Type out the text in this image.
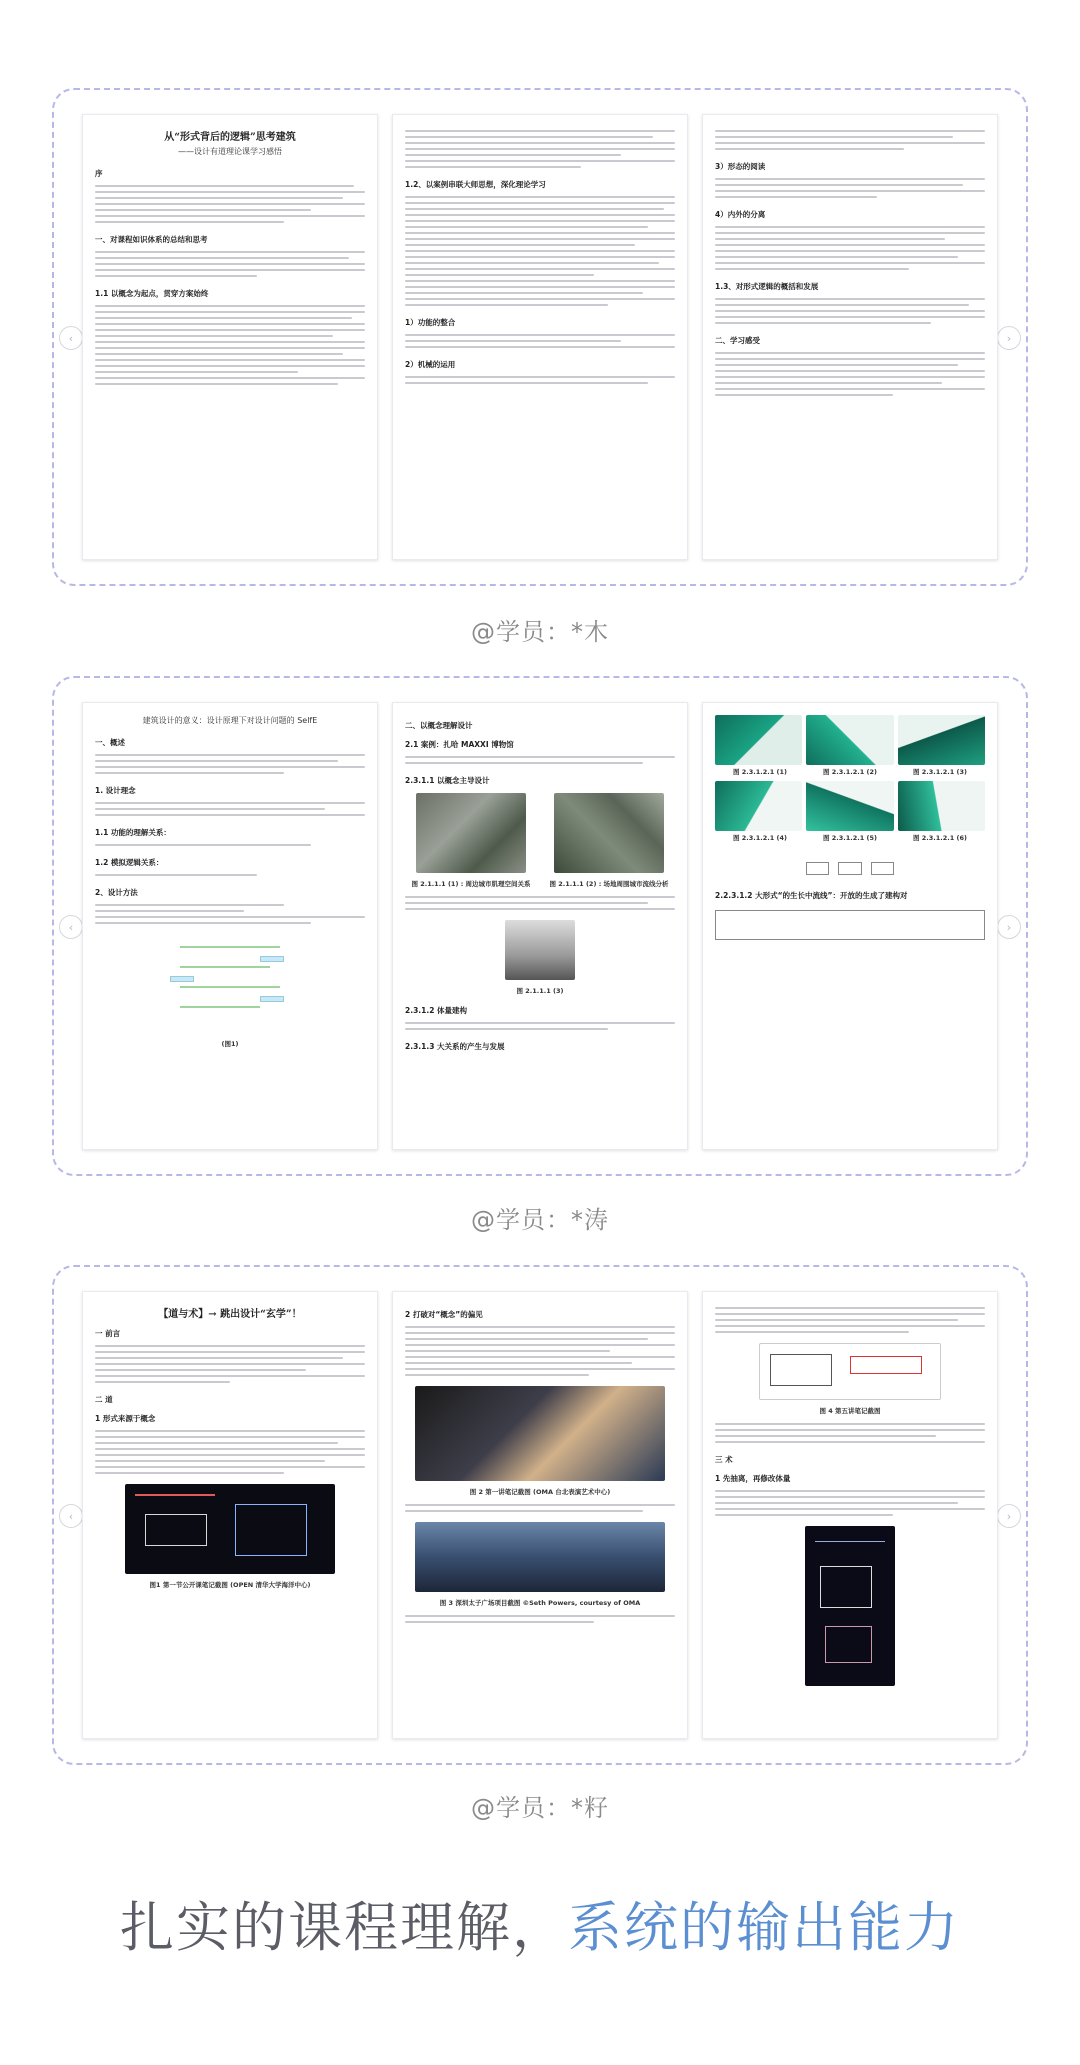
‹	›
从“形式背后的逻辑”思考建筑
——设计有道理论课学习感悟
序
一、对课程如识体系的总结和思考
1.1 以概念为起点，贯穿方案始终
1.2、以案例串联大师思想，深化理论学习
1）功能的整合
2）机械的运用
3）形态的阅读
4）内外的分离
1.3、对形式逻辑的概括和发展
二、学习感受
@学员：*木
‹	›
建筑设计的意义：设计原理下对设计问题的 SelfE
一、概述
1. 设计理念
1.1 功能的理解关系：
1.2 模拟逻辑关系：
2、设计方法
(图1)
二、以概念理解设计
2.1 案例：扎哈 MAXXI 博物馆
2.3.1.1 以概念主导设计
图 2.1.1.1 (1) : 周边城市肌理空间关系	图 2.1.1.1 (2) : 场地周围城市流线分析
图 2.1.1.1 (3)
2.3.1.2 体量建构
2.3.1.3 大关系的产生与发展
图 2.3.1.2.1 (1)	图 2.3.1.2.1 (2)	图 2.3.1.2.1 (3)
图 2.3.1.2.1 (4)	图 2.3.1.2.1 (5)	图 2.3.1.2.1 (6)

2.2.3.1.2 大形式“的生长中流线”：开放的生成了建构对
@学员：*涛
‹	›
【道与术】→ 跳出设计“玄学”！
一 前言
二 道
1 形式来源于概念
图1 第一节公开课笔记截图 (OPEN 清华大学海洋中心)
2 打破对“概念”的偏见
图 2 第一讲笔记截图 (OMA 台北表演艺术中心)
图 3 深圳太子广场项目截图 ©Seth Powers, courtesy of OMA
图 4 第五讲笔记截图
三 术
1 先抽离，再修改体量
@学员：*籽
扎实的课程理解，系统的输出能力
